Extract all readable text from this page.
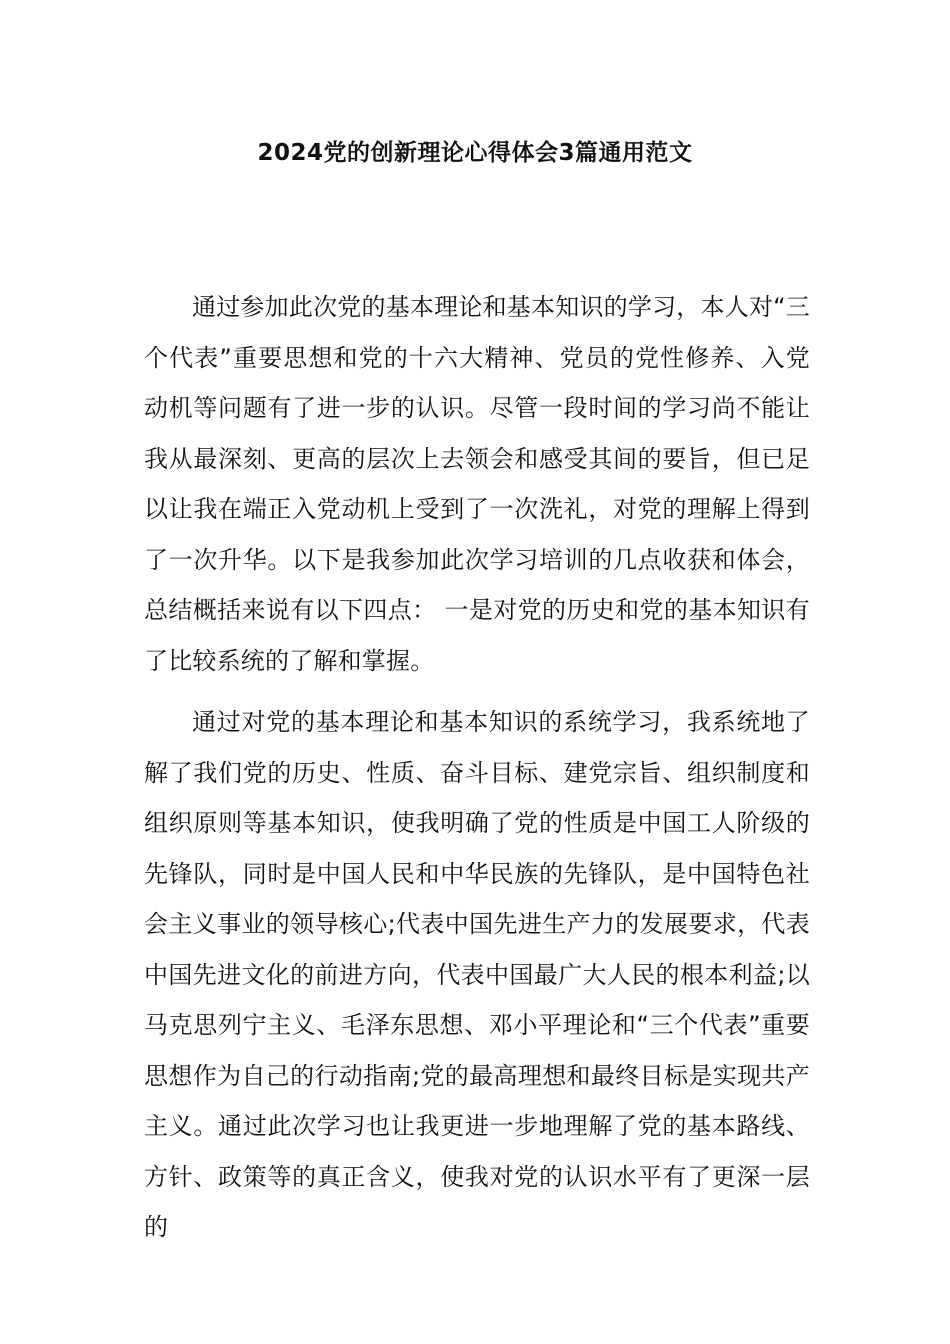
2024党的创新理论心得体会3篇通用范文

通过参加此次党的基本理论和基本知识的学习，本人对“三个代表”重要思想和党的十六大精神、党员的党性修养、入党动机等问题有了进一步的认识。尽管一段时间的学习尚不能让我从最深刻、更高的层次上去领会和感受其间的要旨，但已足以让我在端正入党动机上受到了一次洗礼，对党的理解上得到了一次升华。以下是我参加此次学习培训的几点收获和体会，总结概括来说有以下四点： 一是对党的历史和党的基本知识有了比较系统的了解和掌握。

通过对党的基本理论和基本知识的系统学习，我系统地了解了我们党的历史、性质、奋斗目标、建党宗旨、组织制度和组织原则等基本知识，使我明确了党的性质是中国工人阶级的先锋队，同时是中国人民和中华民族的先锋队，是中国特色社会主义事业的领导核心;代表中国先进生产力的发展要求，代表中国先进文化的前进方向，代表中国最广大人民的根本利益;以马克思列宁主义、毛泽东思想、邓小平理论和“三个代表”重要思想作为自己的行动指南;党的最高理想和最终目标是实现共产主义。通过此次学习也让我更进一步地理解了党的基本路线、方针、政策等的真正含义，使我对党的认识水平有了更深一层的
